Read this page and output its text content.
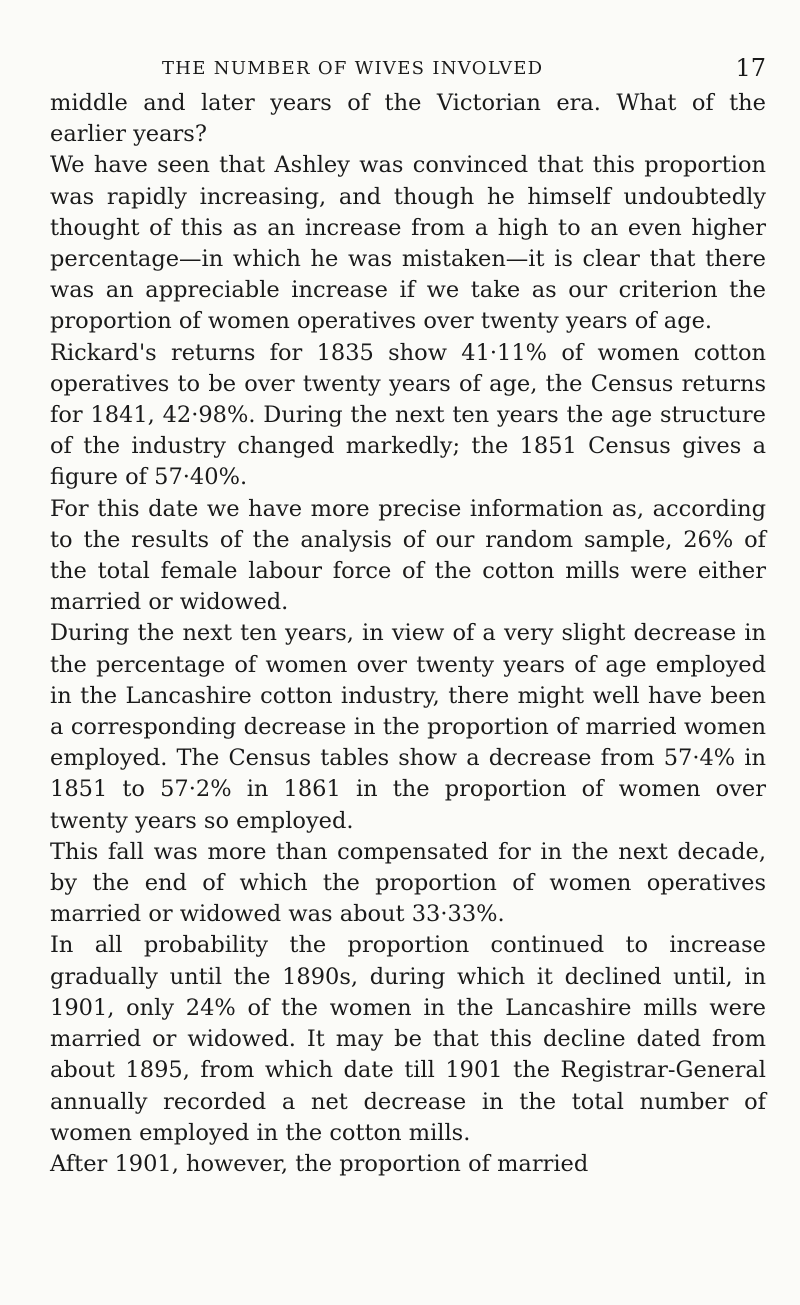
THE NUMBER OF WIVES INVOLVED	17

middle and later years of the Victorian era. What of the earlier years?

We have seen that Ashley was convinced that this proportion was rapidly increasing, and though he himself undoubtedly thought of this as an increase from a high to an even higher percentage—in which he was mistaken—it is clear that there was an appreciable increase if we take as our criterion the proportion of women operatives over twenty years of age.

Rickard's returns for 1835 show 41·11% of women cotton operatives to be over twenty years of age, the Census returns for 1841, 42·98%. During the next ten years the age structure of the industry changed markedly; the 1851 Census gives a figure of 57·40%.

For this date we have more precise information as, according to the results of the analysis of our random sample, 26% of the total female labour force of the cotton mills were either married or widowed.

During the next ten years, in view of a very slight decrease in the percentage of women over twenty years of age employed in the Lancashire cotton industry, there might well have been a corresponding decrease in the proportion of married women employed. The Census tables show a decrease from 57·4% in 1851 to 57·2% in 1861 in the proportion of women over twenty years so employed.

This fall was more than compensated for in the next decade, by the end of which the proportion of women operatives married or widowed was about 33·33%.

In all probability the proportion continued to increase gradually until the 1890s, during which it declined until, in 1901, only 24% of the women in the Lancashire mills were married or widowed. It may be that this decline dated from about 1895, from which date till 1901 the Registrar-General annually recorded a net decrease in the total number of women employed in the cotton mills.

After 1901, however, the proportion of married
